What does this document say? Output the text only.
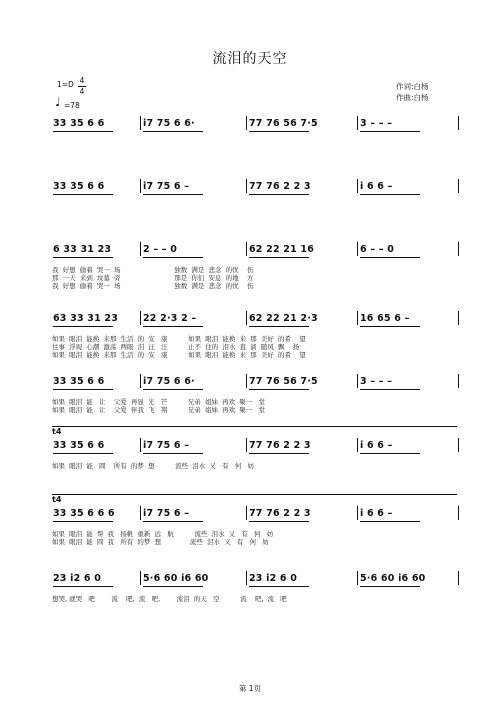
流泪的天空
1=D 4
4
♩ =78
作词:白杨
作曲:白杨
33 35 6 6	i7 75 6 6·	77 76 56 7·5	3 – – –
33 35 6 6	i7 75 6 –	77 76 2 2 3	i 6 6 –
6 33 31 23	2 – – 0	62 22 21 16	6 – – 0
我  好想  偷着  哭一  场                          独数  满是  悲念  的忧    伤
那  一天  来到  坟墓  旁                          那是  你们  安息  的地    方
我  好想  偷着  哭一  场                          独数  满是  悲念  的忧    伤
63 33 31 23	22 2·3 2 –	62 22 21 2·3	16 65 6 –
如果  眼泪  能换  来那  生活  的  安   康          如果  眼泪  能换  来  那  美好  的希    望
往事  浮现  心潮  激荡  两眼  泪  汪   汪          止不  住的  泪水  直  淌  随风  飘    扬
如果  眼泪  能换  来那  生活  的  安   康          如果  眼泪  能换  来  那  美好  的希    望
33 35 6 6	i7 75 6 6·	77 76 56 7·5	3 – – –
如果  眼泪  能   让    父爱  再显  光   芒          兄弟  姐妹  再欢  聚一   堂
如果  眼泪  能   让    父爱  伴我  飞   翔          兄弟  姐妹  再欢  聚一   堂
33 35 6 6	i7 75 6 –	77 76 2 2 3	i 6 6 –
t4
如果  眼泪  能   圆    所有  的梦  想          流些  泪水  又   有   何   妨
33 35 6 6 6	i7 75 6 –	77 76 2 2 3	i 6 6 –
t4
如果  眼泪  能  帮  我   扬帆  重新  远   航          流些  泪水  又   有   何   妨
如果  眼泪  能  圆  我   所有  的梦  想              流些  泪水  又   有   何   妨
23 i2 6 0	5·6 60 i6 60	23 i2 6 0	5·6 60 i6 60
想哭, 就哭   吧        流    吧,  流   吧,        流泪  的天   空          流    吧,  流   吧
第 1页
